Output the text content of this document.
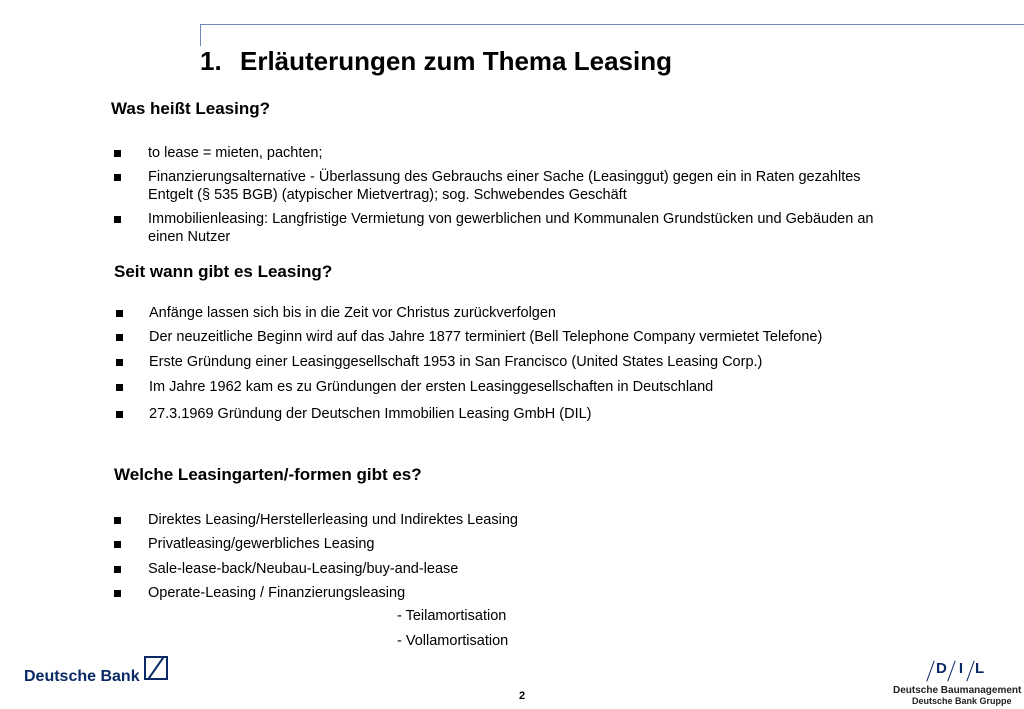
1. Erläuterungen zum Thema Leasing
Was heißt Leasing?
to lease = mieten, pachten;
Finanzierungsalternative - Überlassung des Gebrauchs einer Sache (Leasinggut) gegen ein in Raten gezahltes
Entgelt (§ 535 BGB) (atypischer Mietvertrag); sog. Schwebendes Geschäft
Immobilienleasing: Langfristige Vermietung von gewerblichen und Kommunalen Grundstücken und Gebäuden an
einen Nutzer
Seit wann gibt es Leasing?
Anfänge lassen sich bis in die Zeit vor Christus zurückverfolgen
Der neuzeitliche Beginn wird auf das Jahre 1877 terminiert (Bell Telephone Company vermietet Telefone)
Erste Gründung einer Leasinggesellschaft 1953 in San Francisco (United States Leasing Corp.)
Im Jahre 1962 kam es zu Gründungen der ersten Leasinggesellschaften in Deutschland
27.3.1969 Gründung der Deutschen Immobilien Leasing GmbH (DIL)
Welche Leasingarten/-formen gibt es?
Direktes Leasing/Herstellerleasing und Indirektes Leasing
Privatleasing/gewerbliches Leasing
Sale-lease-back/Neubau-Leasing/buy-and-lease
Operate-Leasing / Finanzierungsleasing
- Teilamortisation
- Vollamortisation
Deutsche Bank
2
DIL
Deutsche Baumanagement
Deutsche Bank Gruppe
